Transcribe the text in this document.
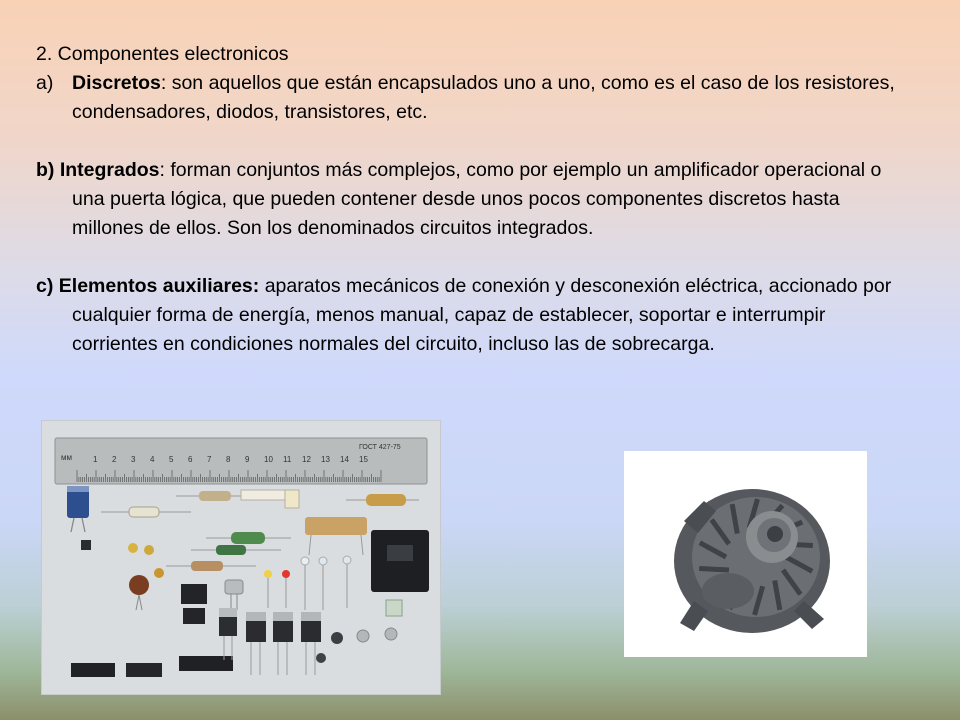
2. Componentes electronicos

a) Discretos: son aquellos que están encapsulados uno a uno, como es el caso de los resistores, condensadores, diodos, transistores, etc.

b) Integrados: forman conjuntos más complejos, como por ejemplo un amplificador operacional o una puerta lógica, que pueden contener desde unos pocos componentes discretos hasta millones de ellos. Son los denominados circuitos integrados.

c) Elementos auxiliares: aparatos mecánicos de conexión y desconexión eléctrica, accionado por cualquier forma de energía, menos manual, capaz de establecer, soportar e interrumpir corrientes en condiciones normales del circuito, incluso las de sobrecarga.

мм
ГОСТ 427-75
1 2 3 4 5 6 7 8 9 10 11 12 13 14 15
